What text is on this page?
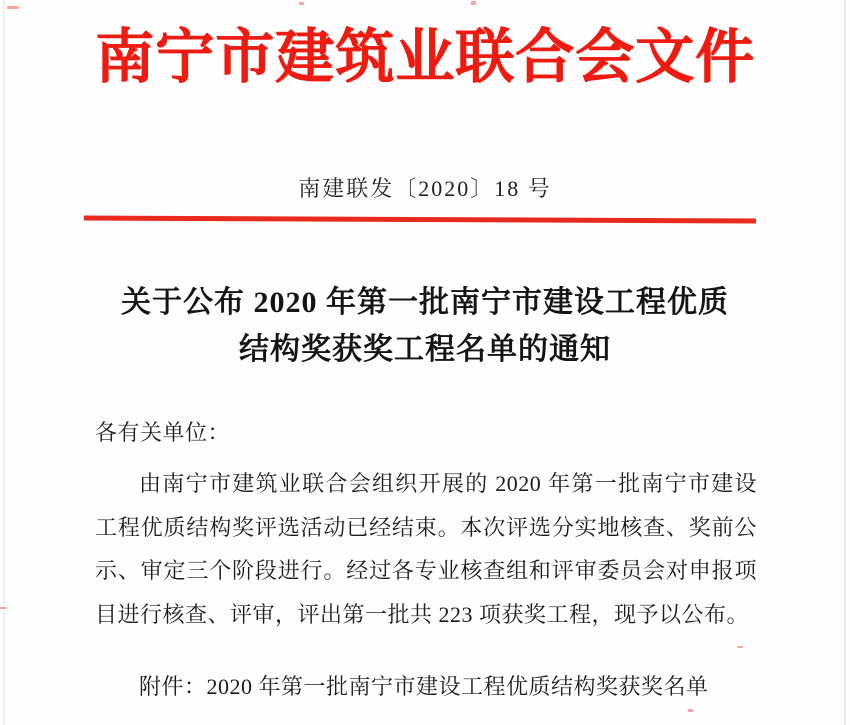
南宁市建筑业联合会文件
南建联发〔2020〕18 号
关于公布 2020 年第一批南宁市建设工程优质
结构奖获奖工程名单的通知
各有关单位：
由南宁市建筑业联合会组织开展的 2020 年第一批南宁市建设工程优质结构奖评选活动已经结束。本次评选分实地核查、奖前公示、审定三个阶段进行。经过各专业核查组和评审委员会对申报项目进行核查、评审，评出第一批共 223 项获奖工程，现予以公布。
附件：2020 年第一批南宁市建设工程优质结构奖获奖名单
